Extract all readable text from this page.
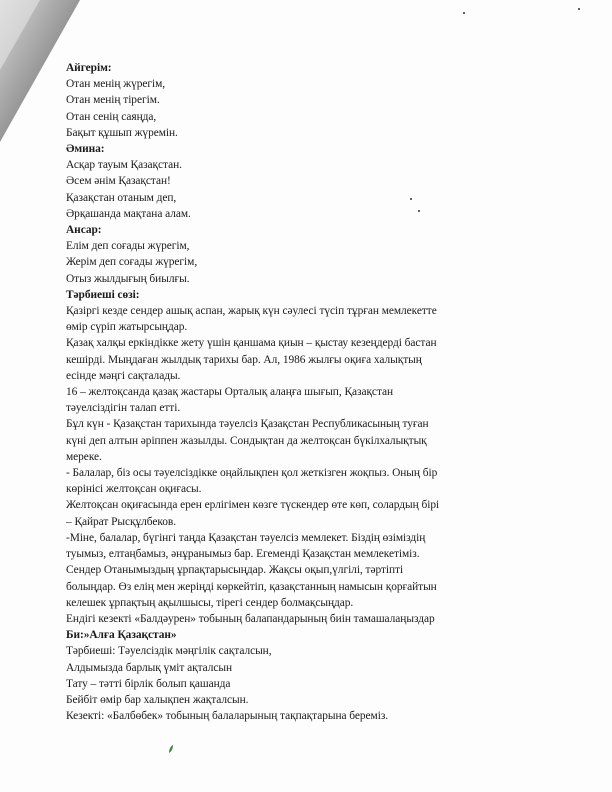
Айгерім:
Отан менің жүрегім,
Отан менің тірегім.
Отан сенің саяңда,
Бақыт құшып жүремін.
Әмина:
Асқар тауым Қазақстан.
Әсем әнім Қазақстан!
Қазақстан отаным деп,
Әрқашанда мақтана алам.
Ансар:
Елім деп соғады жүрегім,
Жерім деп соғады жүрегім,
Отыз жылдығың биылғы.
Тәрбиеші сөзі:
Қазіргі кезде сендер ашық аспан, жарық күн сәулесі түсіп тұрған мемлекетте
өмір сүріп жатырсыңдар.
Қазақ халқы еркіндікке жету үшін қаншама қиын – қыстау кезеңдерді бастан
кешірді. Мыңдаған жылдық тарихы бар. Ал, 1986 жылғы оқиға халықтың
есінде мәңгі сақталады.
16 – желтоқсанда қазақ жастары Орталық алаңға шығып, Қазақстан
тәуелсіздігін талап етті.
Бұл күн - Қазақстан тарихында тәуелсіз Қазақстан Республикасының туған
күні деп алтын әріппен жазылды. Сондықтан да желтоқсан бүкілхалықтық
мереке.
- Балалар, біз осы тәуелсіздікке оңайлықпен қол жеткізген жоқпыз. Оның бір
көрінісі желтоқсан оқиғасы.
Желтоқсан оқиғасында ерен ерлігімен көзге түскендер өте көп, солардың бірі
– Қайрат Рысқұлбеков.
-Міне, балалар, бүгінгі таңда Қазақстан тәуелсіз мемлекет. Біздің өзіміздің
туымыз, елтаңбамыз, әнұранымыз бар. Егеменді Қазақстан мемлекетіміз.
Сендер Отанымыздың ұрпақтарысыңдар. Жақсы оқып,үлгілі, тәртіпті
болыңдар. Өз елің мен жеріңді көркейтіп, қазақстанның намысын қорғайтын
келешек ұрпақтың ақылшысы, тірегі сендер болмақсыңдар.
Ендігі кезекті «Балдәурен» тобының балапандарының биін тамашалаңыздар
Би:»Алға Қазақстан»
Тәрбиеші: Тәуелсіздік мәңгілік сақталсын,
Алдымызда барлық үміт ақталсын
Тату – тәтті бірлік болып қашанда
Бейбіт өмір бар халықпен жақталсын.
Кезекті: «Балбөбек» тобының балаларының тақпақтарына береміз.
